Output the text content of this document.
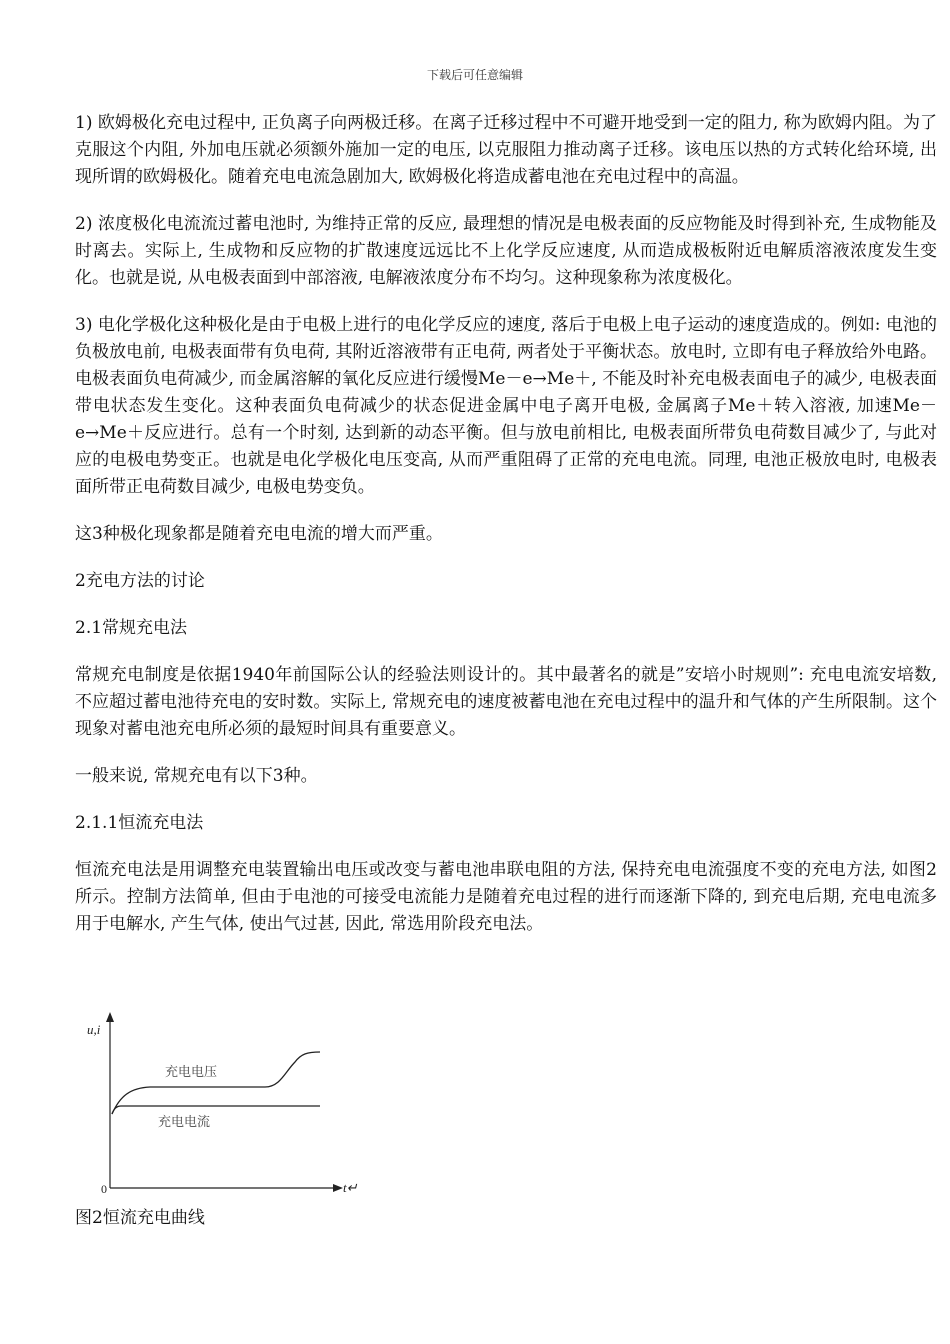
下载后可任意编辑

1) 欧姆极化充电过程中, 正负离子向两极迁移。在离子迁移过程中不可避开地受到一定的阻力, 称为欧姆内阻。为了克服这个内阻, 外加电压就必须额外施加一定的电压, 以克服阻力推动离子迁移。该电压以热的方式转化给环境, 出现所谓的欧姆极化。随着充电电流急剧加大, 欧姆极化将造成蓄电池在充电过程中的高温。

2) 浓度极化电流流过蓄电池时, 为维持正常的反应, 最理想的情况是电极表面的反应物能及时得到补充, 生成物能及时离去。实际上, 生成物和反应物的扩散速度远远比不上化学反应速度, 从而造成极板附近电解质溶液浓度发生变化。也就是说, 从电极表面到中部溶液, 电解液浓度分布不均匀。这种现象称为浓度极化。

3) 电化学极化这种极化是由于电极上进行的电化学反应的速度, 落后于电极上电子运动的速度造成的。例如: 电池的负极放电前, 电极表面带有负电荷, 其附近溶液带有正电荷, 两者处于平衡状态。放电时, 立即有电子释放给外电路。电极表面负电荷减少, 而金属溶解的氧化反应进行缓慢Me－e→Me＋, 不能及时补充电极表面电子的减少, 电极表面带电状态发生变化。这种表面负电荷减少的状态促进金属中电子离开电极, 金属离子Me＋转入溶液, 加速Me－e→Me＋反应进行。总有一个时刻, 达到新的动态平衡。但与放电前相比, 电极表面所带负电荷数目减少了, 与此对应的电极电势变正。也就是电化学极化电压变高, 从而严重阻碍了正常的充电电流。同理, 电池正极放电时, 电极表面所带正电荷数目减少, 电极电势变负。

这3种极化现象都是随着充电电流的增大而严重。

2充电方法的讨论

2.1常规充电法

常规充电制度是依据1940年前国际公认的经验法则设计的。其中最著名的就是”安培小时规则”: 充电电流安培数, 不应超过蓄电池待充电的安时数。实际上, 常规充电的速度被蓄电池在充电过程中的温升和气体的产生所限制。这个现象对蓄电池充电所必须的最短时间具有重要意义。

一般来说, 常规充电有以下3种。

2.1.1恒流充电法

恒流充电法是用调整充电装置输出电压或改变与蓄电池串联电阻的方法, 保持充电电流强度不变的充电方法, 如图2所示。控制方法简单, 但由于电池的可接受电流能力是随着充电过程的进行而逐渐下降的, 到充电后期, 充电电流多用于电解水, 产生气体, 使出气过甚, 因此, 常选用阶段充电法。

u,i
t↵
0
充电电压
充电电流
图2恒流充电曲线
